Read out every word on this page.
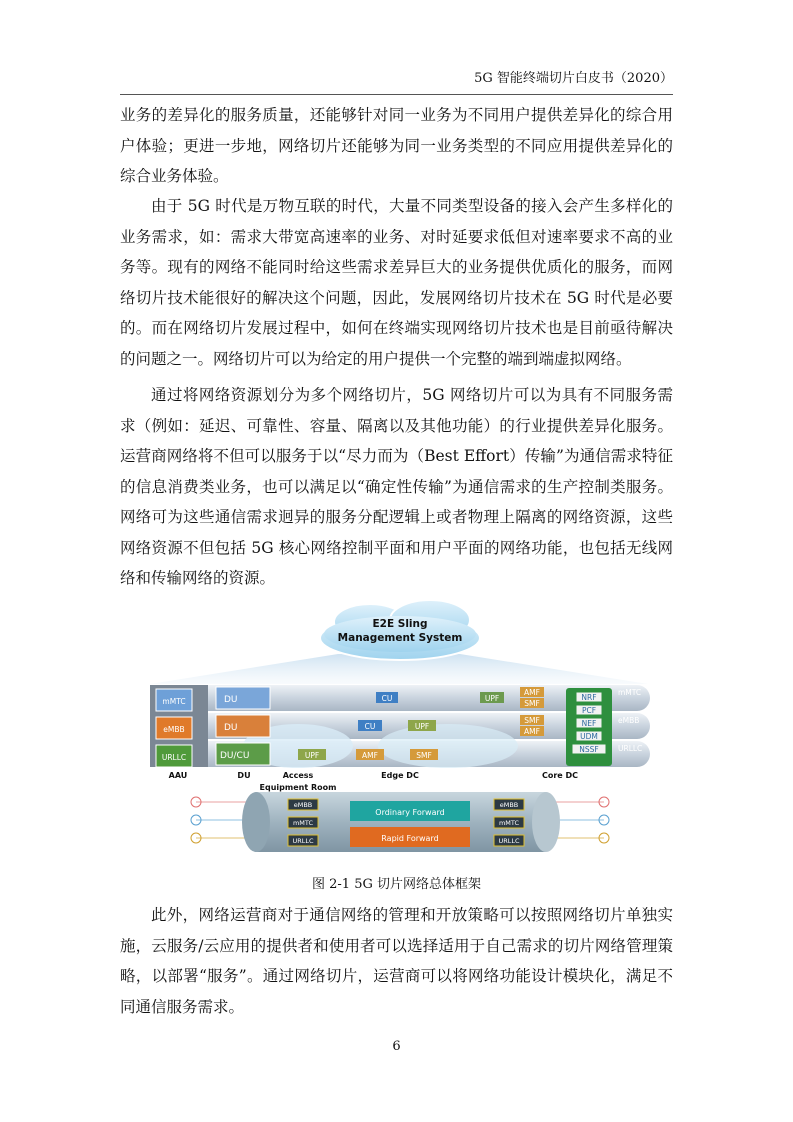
5G 智能终端切片白皮书（2020）

业务的差异化的服务质量，还能够针对同一业务为不同用户提供差异化的综合用户体验；更进一步地，网络切片还能够为同一业务类型的不同应用提供差异化的综合业务体验。

由于 5G 时代是万物互联的时代，大量不同类型设备的接入会产生多样化的业务需求，如：需求大带宽高速率的业务、对时延要求低但对速率要求不高的业务等。现有的网络不能同时给这些需求差异巨大的业务提供优质化的服务，而网络切片技术能很好的解决这个问题，因此，发展网络切片技术在 5G 时代是必要的。而在网络切片发展过程中，如何在终端实现网络切片技术也是目前亟待解决的问题之一。网络切片可以为给定的用户提供一个完整的端到端虚拟网络。

通过将网络资源划分为多个网络切片，5G 网络切片可以为具有不同服务需求（例如：延迟、可靠性、容量、隔离以及其他功能）的行业提供差异化服务。运营商网络将不但可以服务于以“尽力而为（Best Effort）传输”为通信需求特征的信息消费类业务，也可以满足以“确定性传输”为通信需求的生产控制类服务。网络可为这些通信需求迥异的服务分配逻辑上或者物理上隔离的网络资源，这些网络资源不但包括 5G 核心网络控制平面和用户平面的网络功能，也包括无线网络和传输网络的资源。

E2E Sling
Management System
mMTC
eMBB
URLLC
DU
DU
DU/CU
CU	UPF
AMF
SMF
CU	UPF
SMF
AMF
UPF	AMF	SMF
NRF
PCF
NEF
UDM
NSSF
mMTC
eMBB
URLLC
AAU	DU	Access
Equipment Room
Edge DC	Core DC
Ordinary Forward
Rapid Forward
eMBB
mMTC
URLLC
eMBB
mMTC
URLLC
图 2-1 5G 切片网络总体框架

此外，网络运营商对于通信网络的管理和开放策略可以按照网络切片单独实施，云服务/云应用的提供者和使用者可以选择适用于自己需求的切片网络管理策略，以部署“服务”。通过网络切片，运营商可以将网络功能设计模块化，满足不同通信服务需求。

6
